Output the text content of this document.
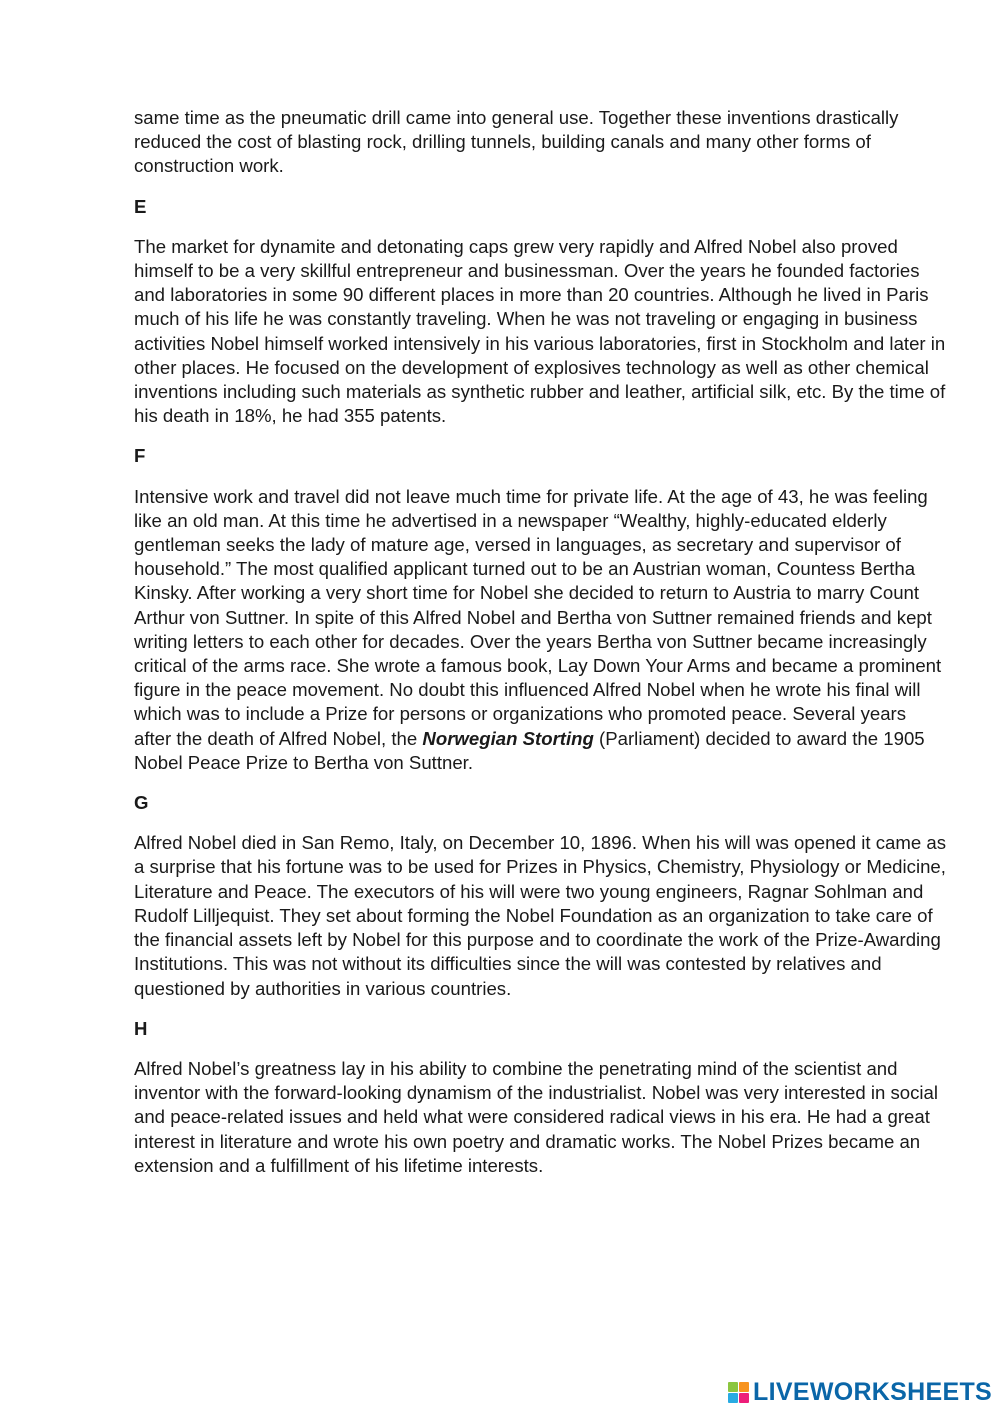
same time as the pneumatic drill came into general use. Together these inventions drastically reduced the cost of blasting rock, drilling tunnels, building canals and many other forms of construction work.

E

The market for dynamite and detonating caps grew very rapidly and Alfred Nobel also proved himself to be a very skillful entrepreneur and businessman. Over the years he founded factories and laboratories in some 90 different places in more than 20 countries. Although he lived in Paris much of his life he was constantly traveling. When he was not traveling or engaging in business activities Nobel himself worked intensively in his various laboratories, first in Stockholm and later in other places. He focused on the development of explosives technology as well as other chemical inventions including such materials as synthetic rubber and leather, artificial silk, etc. By the time of his death in 18%, he had 355 patents.

F

Intensive work and travel did not leave much time for private life. At the age of 43, he was feeling like an old man. At this time he advertised in a newspaper “Wealthy, highly-educated elderly gentleman seeks the lady of mature age, versed in languages, as secretary and supervisor of household.” The most qualified applicant turned out to be an Austrian woman, Countess Bertha Kinsky. After working a very short time for Nobel she decided to return to Austria to marry Count Arthur von Suttner. In spite of this Alfred Nobel and Bertha von Suttner remained friends and kept writing letters to each other for decades. Over the years Bertha von Suttner became increasingly critical of the arms race. She wrote a famous book, Lay Down Your Arms and became a prominent figure in the peace movement. No doubt this influenced Alfred Nobel when he wrote his final will which was to include a Prize for persons or organizations who promoted peace. Several years after the death of Alfred Nobel, the Norwegian Storting (Parliament) decided to award the 1905 Nobel Peace Prize to Bertha von Suttner.

G

Alfred Nobel died in San Remo, Italy, on December 10, 1896. When his will was opened it came as a surprise that his fortune was to be used for Prizes in Physics, Chemistry, Physiology or Medicine, Literature and Peace. The executors of his will were two young engineers, Ragnar Sohlman and Rudolf Lilljequist. They set about forming the Nobel Foundation as an organization to take care of the financial assets left by Nobel for this purpose and to coordinate the work of the Prize-Awarding Institutions. This was not without its difficulties since the will was contested by relatives and questioned by authorities in various countries.

H

Alfred Nobel’s greatness lay in his ability to combine the penetrating mind of the scientist and inventor with the forward-looking dynamism of the industrialist. Nobel was very interested in social and peace-related issues and held what were considered radical views in his era. He had a great interest in literature and wrote his own poetry and dramatic works. The Nobel Prizes became an extension and a fulfillment of his lifetime interests.

LIVEWORKSHEETS
